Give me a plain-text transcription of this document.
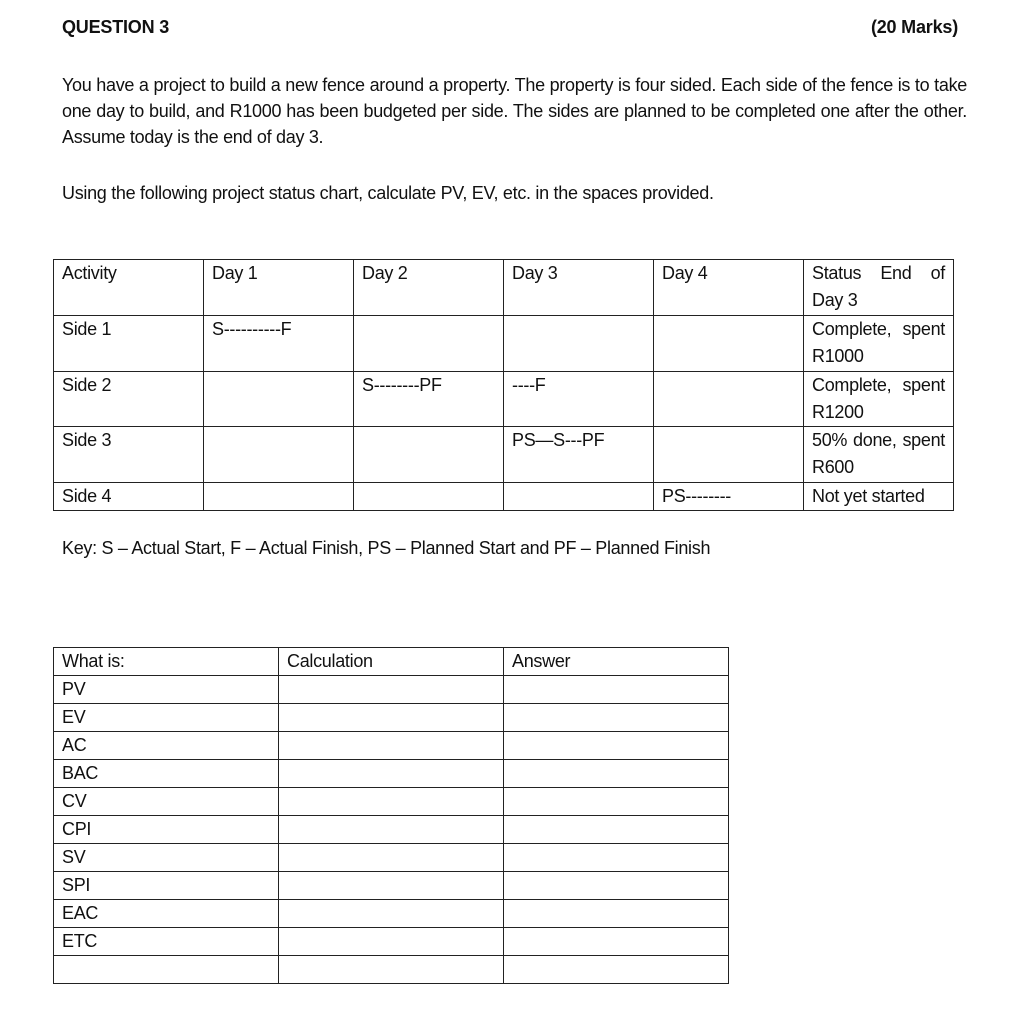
QUESTION 3	(20 Marks)
You have a project to build a new fence around a property. The property is four sided. Each side of the fence is to take
one day to build, and R1000 has been budgeted per side. The sides are planned to be completed one after the other.
Assume today is the end of day 3.
Using the following project status chart, calculate PV, EV, etc. in the spaces provided.
Activity	Day 1	Day 2	Day 3	Day 4	Status End of Day 3
Side 1	S----------F				Complete, spent R1000
Side 2		S--------PF	----F		Complete, spent R1200
Side 3			PS—S---PF		50% done, spent R600
Side 4				PS--------	Not yet started
Key: S – Actual Start, F – Actual Finish, PS – Planned Start and PF – Planned Finish
What is:	Calculation	Answer
PV		
EV		
AC		
BAC		
CV		
CPI		
SV		
SPI		
EAC		
ETC		
